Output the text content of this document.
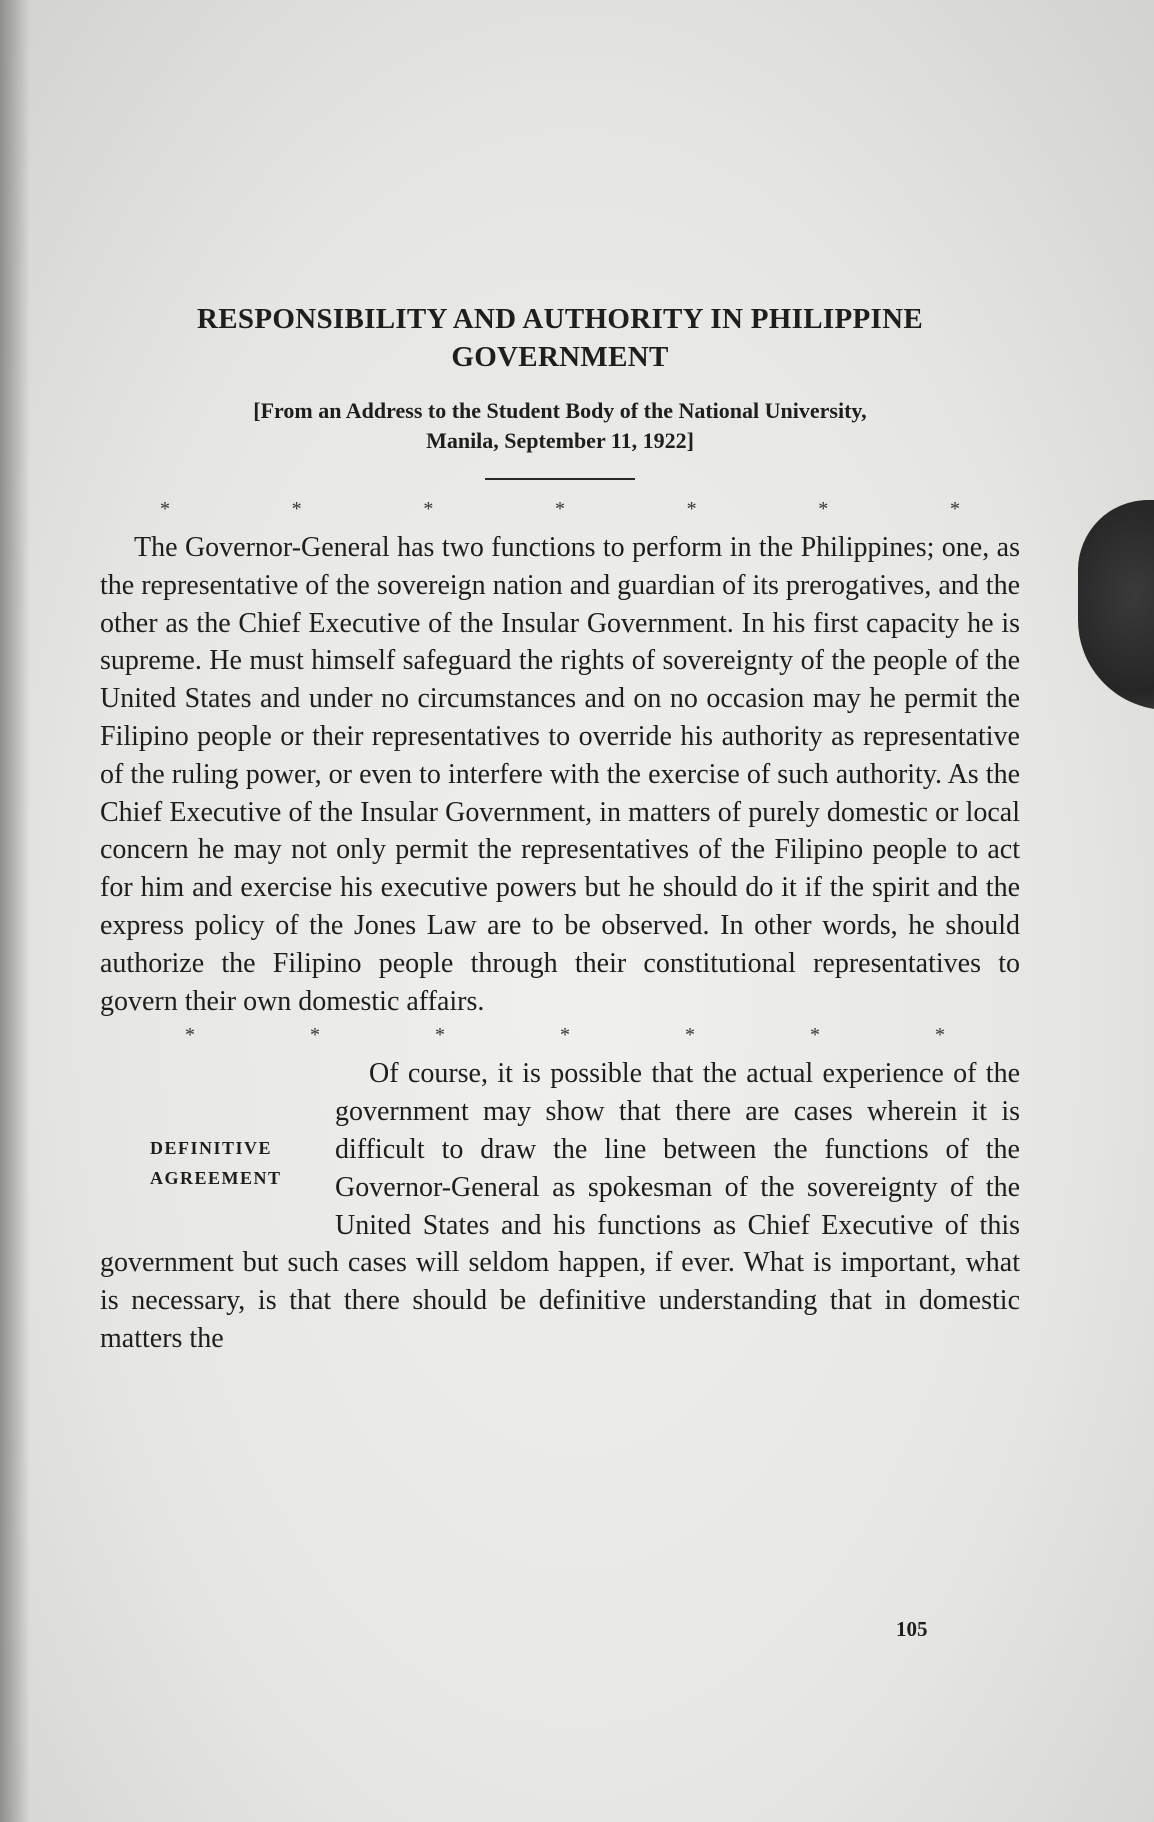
RESPONSIBILITY AND AUTHORITY IN PHILIPPINE GOVERNMENT
[From an Address to the Student Body of the National University,
Manila, September 11, 1922]
*	*	*	*	*	*	*

The Governor-General has two functions to perform in the Philippines; one, as the representative of the sovereign nation and guardian of its prerogatives, and the other as the Chief Executive of the Insular Government. In his first capacity he is supreme. He must himself safeguard the rights of sovereignty of the people of the United States and under no circumstances and on no occasion may he permit the Filipino people or their representatives to override his authority as representative of the ruling power, or even to interfere with the exercise of such authority. As the Chief Executive of the Insular Government, in matters of purely domestic or local concern he may not only permit the representatives of the Filipino people to act for him and exercise his executive powers but he should do it if the spirit and the express policy of the Jones Law are to be observed. In other words, he should authorize the Filipino people through their constitutional representatives to govern their own domestic affairs.

*	*	*	*	*	*	*
DEFINITIVE
AGREEMENT

Of course, it is possible that the actual experience of the government may show that there are cases wherein it is difficult to draw the line between the functions of the Governor-General as spokesman of the sovereignty of the United States and his functions as Chief Executive of this government but such cases will seldom happen, if ever. What is important, what is necessary, is that there should be definitive understanding that in domestic matters the

105
